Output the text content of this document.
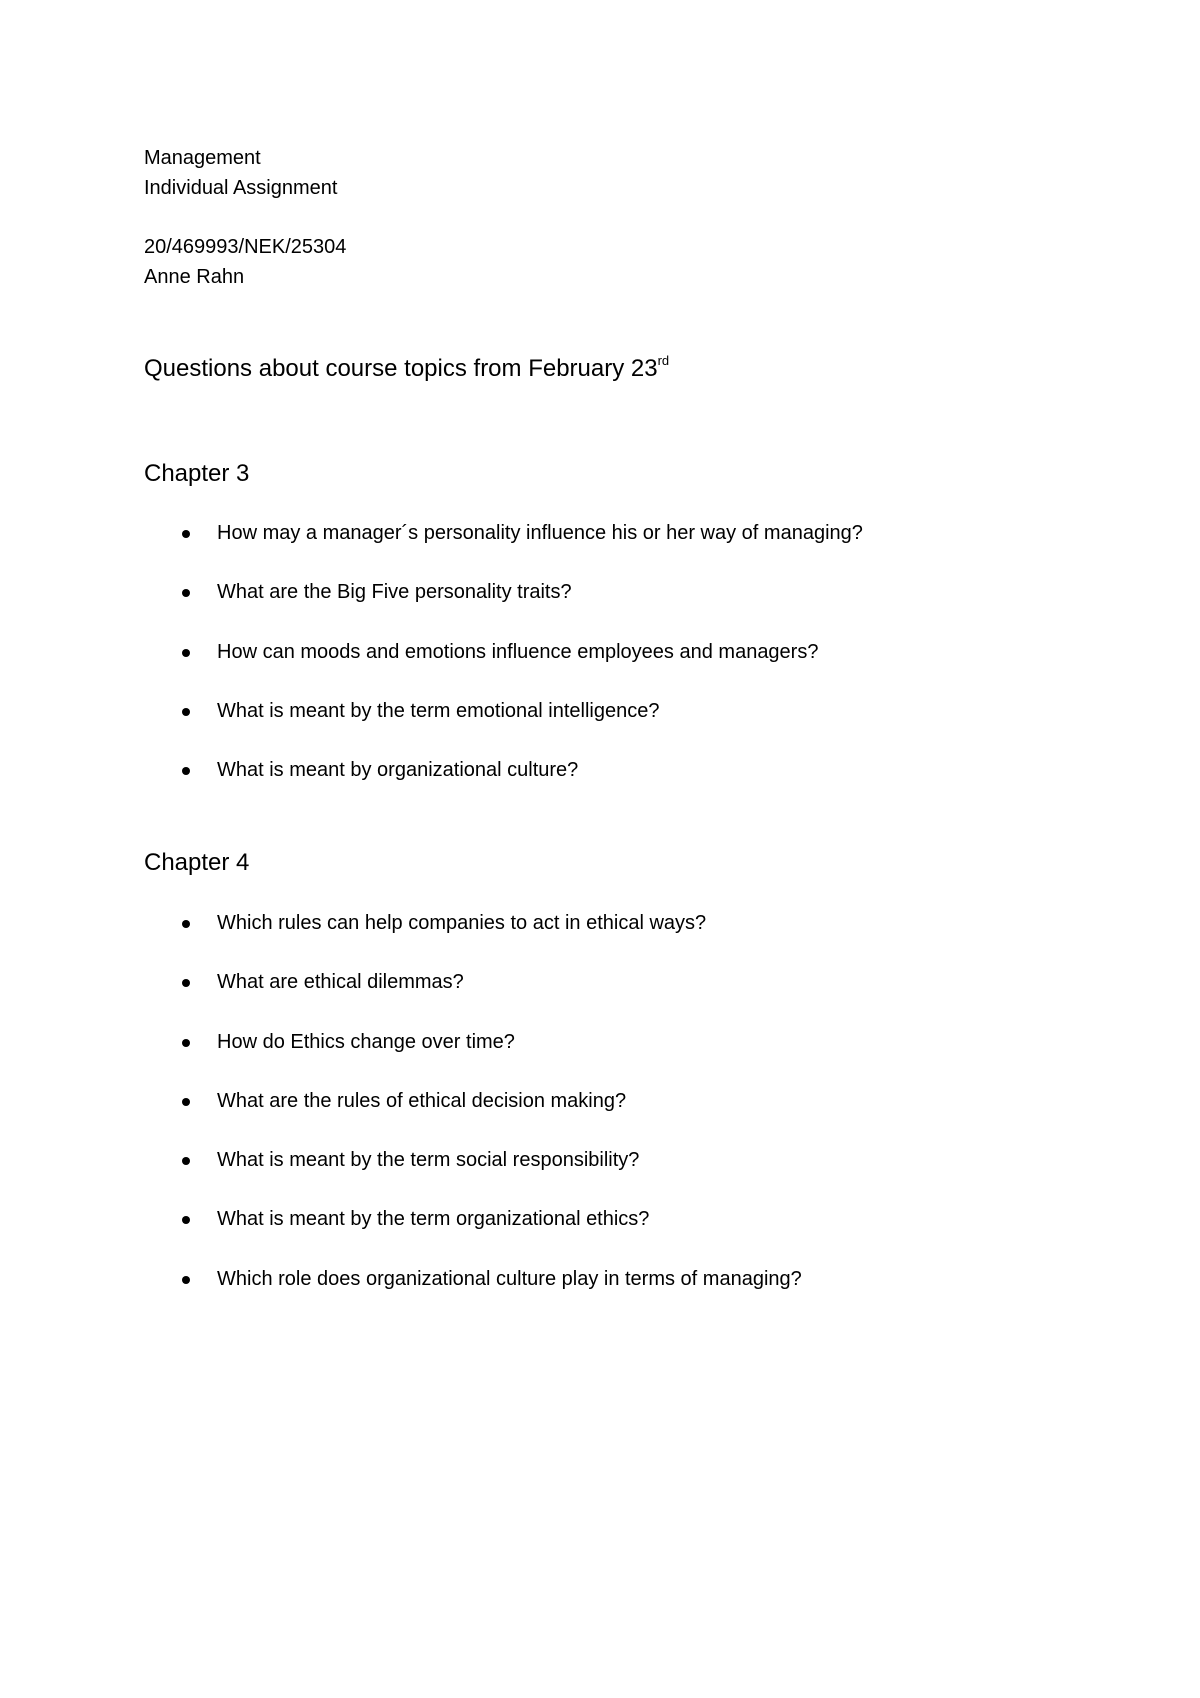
Management
Individual Assignment
20/469993/NEK/25304
Anne Rahn
Questions about course topics from February 23rd
Chapter 3
How may a manager´s personality influence his or her way of managing?
What are the Big Five personality traits?
How can moods and emotions influence employees and managers?
What is meant by the term emotional intelligence?
What is meant by organizational culture?
Chapter 4
Which rules can help companies to act in ethical ways?
What are ethical dilemmas?
How do Ethics change over time?
What are the rules of ethical decision making?
What is meant by the term social responsibility?
What is meant by the term organizational ethics?
Which role does organizational culture play in terms of managing?
